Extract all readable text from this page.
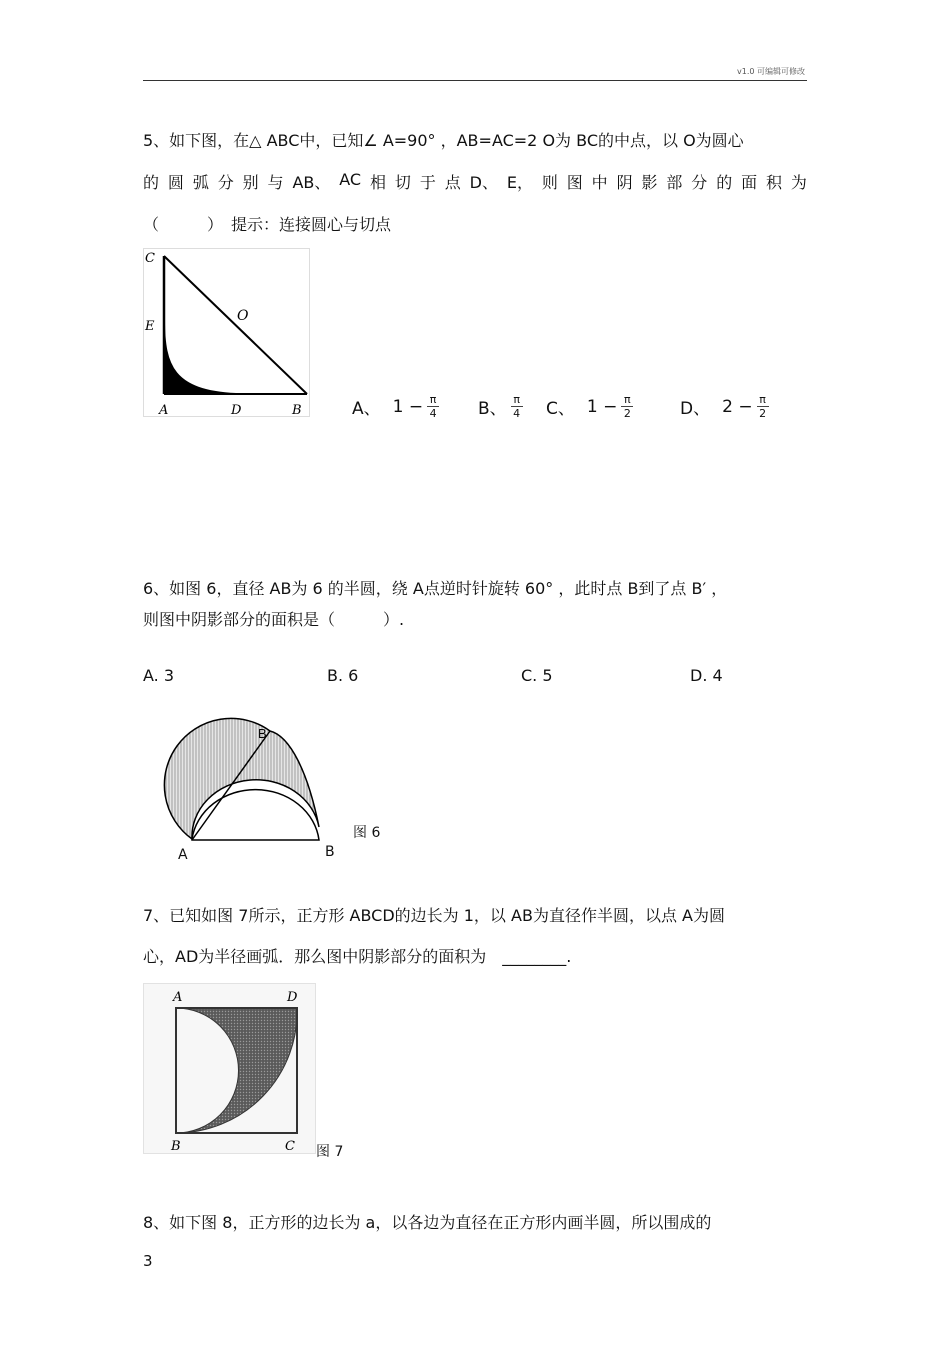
v1.0 可编辑可修改
5、如下图，在△ ABC中，已知∠ A=90° ，AB=AC=2 O为 BC的中点，以 O为圆心
的 圆 弧 分 别 与 AB、 AC 相 切 于 点 D、 E， 则 图 中 阴 影 部 分 的 面 积 为
（　　　）　提示：连接圆心与切点
C
E
O
A	D	B	A、 $1 - \frac{\pi}{4}$ B、 $\frac{\pi}{4}$ C、 $1 - \frac{\pi}{2}$	D、 $2 - \frac{\pi}{2}$
6、如图 6，直径 AB为 6 的半圆，绕 A点逆时针旋转 60° ，此时点 B到了点 B′ ，
则图中阴影部分的面积是（　　　）.
A. 3	B. 6	C. 5	D. 4
B
A	B
图 6
7、已知如图 7所示，正方形 ABCD的边长为 1，以 AB为直径作半圆，以点 A为圆
心，AD为半径画弧．那么图中阴影部分的面积为　________.
A	D
B	C 图 7
8、如下图 8，正方形的边长为 a，以各边为直径在正方形内画半圆，所以围成的
3
